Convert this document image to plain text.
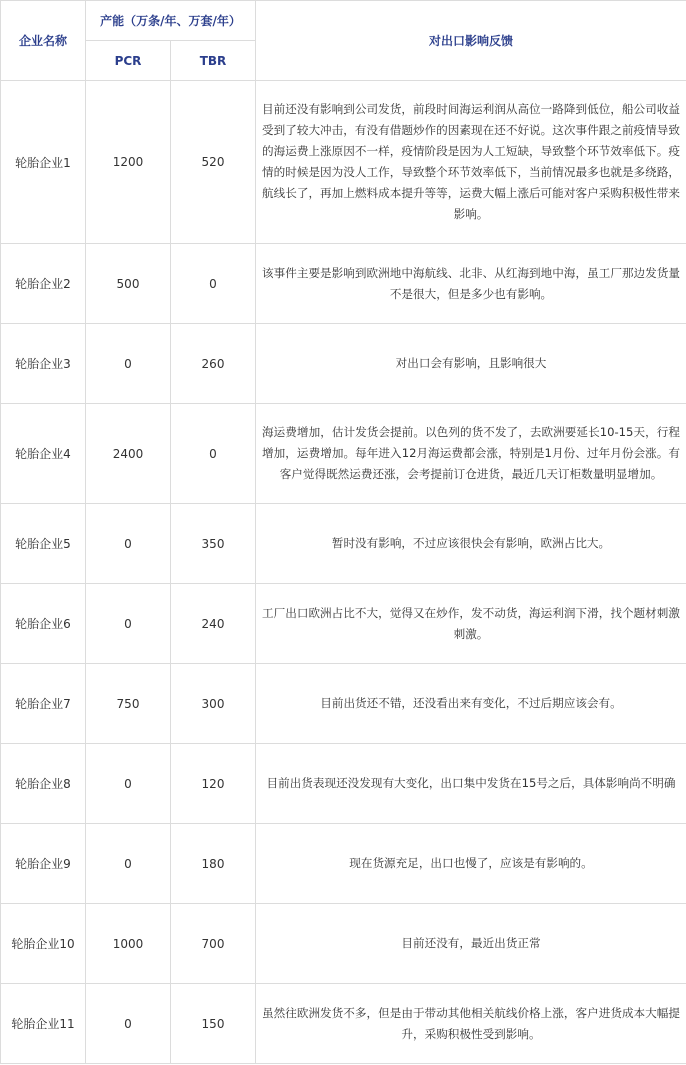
企业名称	产能（万条/年、万套/年）		对出口影响反馈
	PCR	TBR	
轮胎企业1	1200	520	目前还没有影响到公司发货，前段时间海运利润从高位一路降到低位，船公司收益受到了较大冲击，有没有借题炒作的因素现在还不好说。这次事件跟之前疫情导致的海运费上涨原因不一样，疫情阶段是因为人工短缺，导致整个环节效率低下。疫情的时候是因为没人工作，导致整个环节效率低下，当前情况最多也就是多绕路，航线长了，再加上燃料成本提升等等，运费大幅上涨后可能对客户采购积极性带来影响。
轮胎企业2	500	0	该事件主要是影响到欧洲地中海航线、北非、从红海到地中海，虽工厂那边发货量不是很大，但是多少也有影响。
轮胎企业3	0	260	对出口会有影响，且影响很大
轮胎企业4	2400	0	海运费增加，估计发货会提前。以色列的货不发了，去欧洲要延长10-15天，行程增加，运费增加。每年进入12月海运费都会涨，特别是1月份、过年月份会涨。有客户觉得既然运费还涨，会考提前订仓进货，最近几天订柜数量明显增加。
轮胎企业5	0	350	暂时没有影响，不过应该很快会有影响，欧洲占比大。
轮胎企业6	0	240	工厂出口欧洲占比不大，觉得又在炒作，发不动货，海运利润下滑，找个题材刺激刺激。
轮胎企业7	750	300	目前出货还不错，还没看出来有变化，不过后期应该会有。
轮胎企业8	0	120	目前出货表现还没发现有大变化，出口集中发货在15号之后，具体影响尚不明确
轮胎企业9	0	180	现在货源充足，出口也慢了，应该是有影响的。
轮胎企业10	1000	700	目前还没有，最近出货正常
轮胎企业11	0	150	虽然往欧洲发货不多，但是由于带动其他相关航线价格上涨，客户进货成本大幅提升，采购积极性受到影响。
